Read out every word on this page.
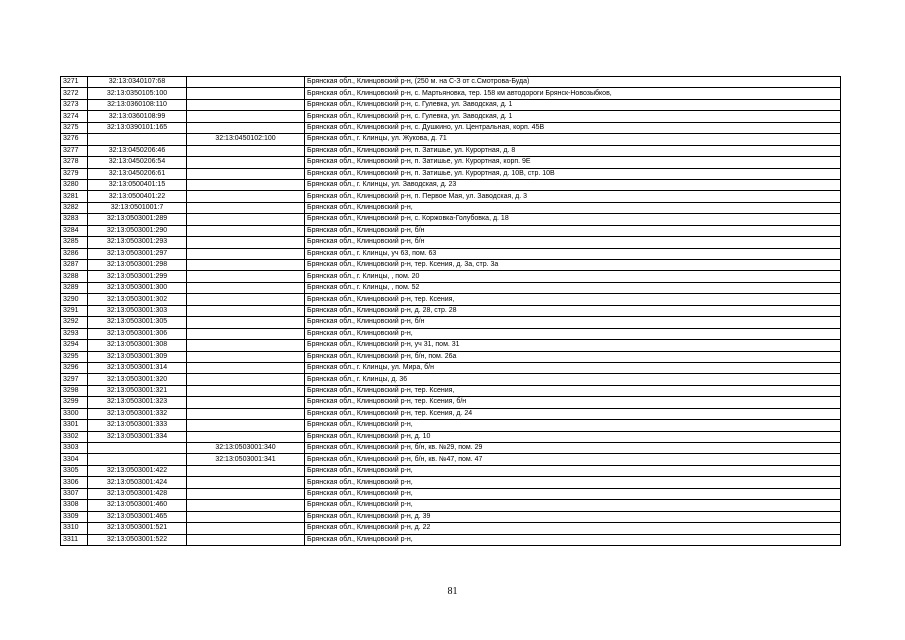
3271	32:13:0340107:68		Брянская обл., Клинцовский р-н, (250 м. на С-З от с.Смотрова-Буда)
3272	32:13:0350105:100		Брянская обл., Клинцовский р-н, с. Мартьяновка, тер. 158 км автодороги Брянск-Новозыбков,
3273	32:13:0360108:110		Брянская обл., Клинцовский р-н, с. Гулевка, ул. Заводская, д. 1
3274	32:13:0360108:99		Брянская обл., Клинцовский р-н, с. Гулевка, ул. Заводская, д. 1
3275	32:13:0390101:165		Брянская обл., Клинцовский р-н, с. Душкино, ул. Центральная, корп. 45В
3276		32:13:0450102:100	Брянская обл., г. Клинцы, ул. Жукова, д. 71
3277	32:13:0450206:46		Брянская обл., Клинцовский р-н, п. Затишье, ул. Курортная, д. 8
3278	32:13:0450206:54		Брянская обл., Клинцовский р-н, п. Затишье, ул. Курортная, корп. 9Е
3279	32:13:0450206:61		Брянская обл., Клинцовский р-н, п. Затишье, ул. Курортная, д. 10В, стр. 10В
3280	32:13:0500401:15		Брянская обл., г. Клинцы, ул. Заводская, д. 23
3281	32:13:0500401:22		Брянская обл., Клинцовский р-н, п. Первое Мая, ул. Заводская, д. 3
3282	32:13:0501001:7		Брянская обл., Клинцовский р-н,
3283	32:13:0503001:289		Брянская обл., Клинцовский р-н, с. Коржовка-Голубовка, д. 18
3284	32:13:0503001:290		Брянская обл., Клинцовский р-н, б/н
3285	32:13:0503001:293		Брянская обл., Клинцовский р-н, б/н
3286	32:13:0503001:297		Брянская обл., г. Клинцы, уч 63, пом. 63
3287	32:13:0503001:298		Брянская обл., Клинцовский р-н, тер. Ксения, д. 3а, стр. 3а
3288	32:13:0503001:299		Брянская обл., г. Клинцы, , пом. 20
3289	32:13:0503001:300		Брянская обл., г. Клинцы, , пом. 52
3290	32:13:0503001:302		Брянская обл., Клинцовский р-н, тер. Ксения,
3291	32:13:0503001:303		Брянская обл., Клинцовский р-н, д. 28, стр. 28
3292	32:13:0503001:305		Брянская обл., Клинцовский р-н, б/н
3293	32:13:0503001:306		Брянская обл., Клинцовский р-н,
3294	32:13:0503001:308		Брянская обл., Клинцовский р-н, уч 31, пом. 31
3295	32:13:0503001:309		Брянская обл., Клинцовский р-н, б/н, пом. 26а
3296	32:13:0503001:314		Брянская обл., г. Клинцы, ул. Мира, б/н
3297	32:13:0503001:320		Брянская обл., г. Клинцы, д. 36
3298	32:13:0503001:321		Брянская обл., Клинцовский р-н, тер. Ксения,
3299	32:13:0503001:323		Брянская обл., Клинцовский р-н, тер. Ксения, б/н
3300	32:13:0503001:332		Брянская обл., Клинцовский р-н, тер. Ксения, д. 24
3301	32:13:0503001:333		Брянская обл., Клинцовский р-н,
3302	32:13:0503001:334		Брянская обл., Клинцовский р-н, д. 10
3303		32:13:0503001:340	Брянская обл., Клинцовский р-н, б/н, кв. №29, пом. 29
3304		32:13:0503001:341	Брянская обл., Клинцовский р-н, б/н, кв. №47, пом. 47
3305	32:13:0503001:422		Брянская обл., Клинцовский р-н,
3306	32:13:0503001:424		Брянская обл., Клинцовский р-н,
3307	32:13:0503001:428		Брянская обл., Клинцовский р-н,
3308	32:13:0503001:460		Брянская обл., Клинцовский р-н,
3309	32:13:0503001:465		Брянская обл., Клинцовский р-н, д. 39
3310	32:13:0503001:521		Брянская обл., Клинцовский р-н, д. 22
3311	32:13:0503001:522		Брянская обл., Клинцовский р-н,
81
